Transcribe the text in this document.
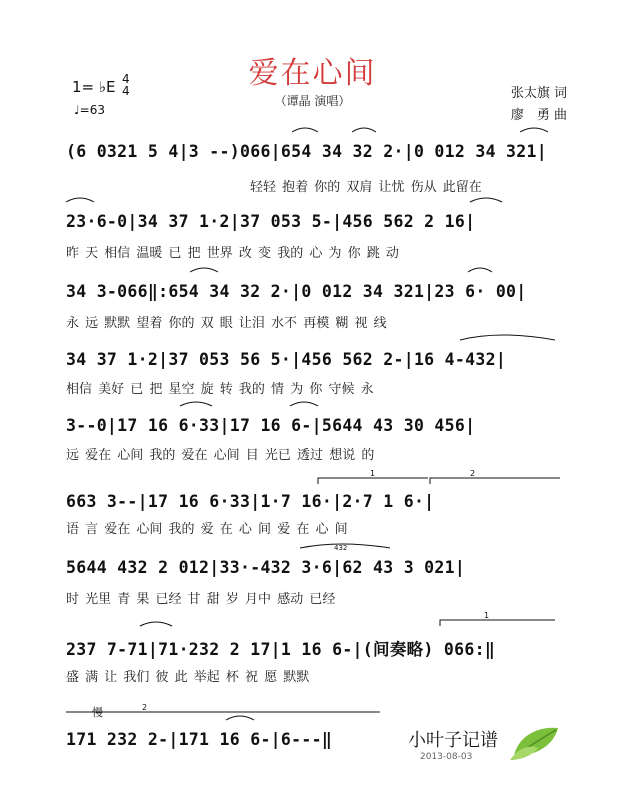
爱在心间
（谭晶 演唱）
1= ♭E 4
4
♩=63
张太旗 词
廖　勇 曲
(6 0321 5 4|3 --)066|654 34 32 2·|0 012 34 321|
轻轻 抱着 你的 双肩 让忧 伤从 此留在
23·6-0|34 37 1·2|37 053 5-|456 562 2 16|
昨 天 相信 温暖 已 把 世界 改 变 我的 心 为 你 跳 动
34 3-066‖:654 34 32 2·|0 012 34 321|23 6· 00|
永 远 默默 望着 你的 双 眼 让泪 水不 再模 糊 视 线
34 37 1·2|37 053 56 5·|456 562 2-|16 4-432|
相信 美好 已 把 星空 旋 转 我的 情 为 你 守候 永
3--0|17 16 6·33|17 16 6-|5644 43 30 456|
远 爱在 心间 我的 爱在 心间 目 光已 透过 想说 的
663 3--|17 16 6·33|1·7 16·|2·7 1 6·|
语 言 爱在 心间 我的 爱 在 心 间 爱 在 心 间
5644 432 2 012|33·-432 3·6|62 43 3 021|
时 光里 青 果 已经 甘 甜 岁 月中 感动 已经
237 7-71|71·232 2 17|1 16 6-|(间奏略) 066:‖
盛 满 让 我们 彼 此 举起 杯 祝 愿 默默
171 232 2-|171 16 6-|6---‖
1	2
1
2
432
慢
小叶子记谱
2013-08-03
